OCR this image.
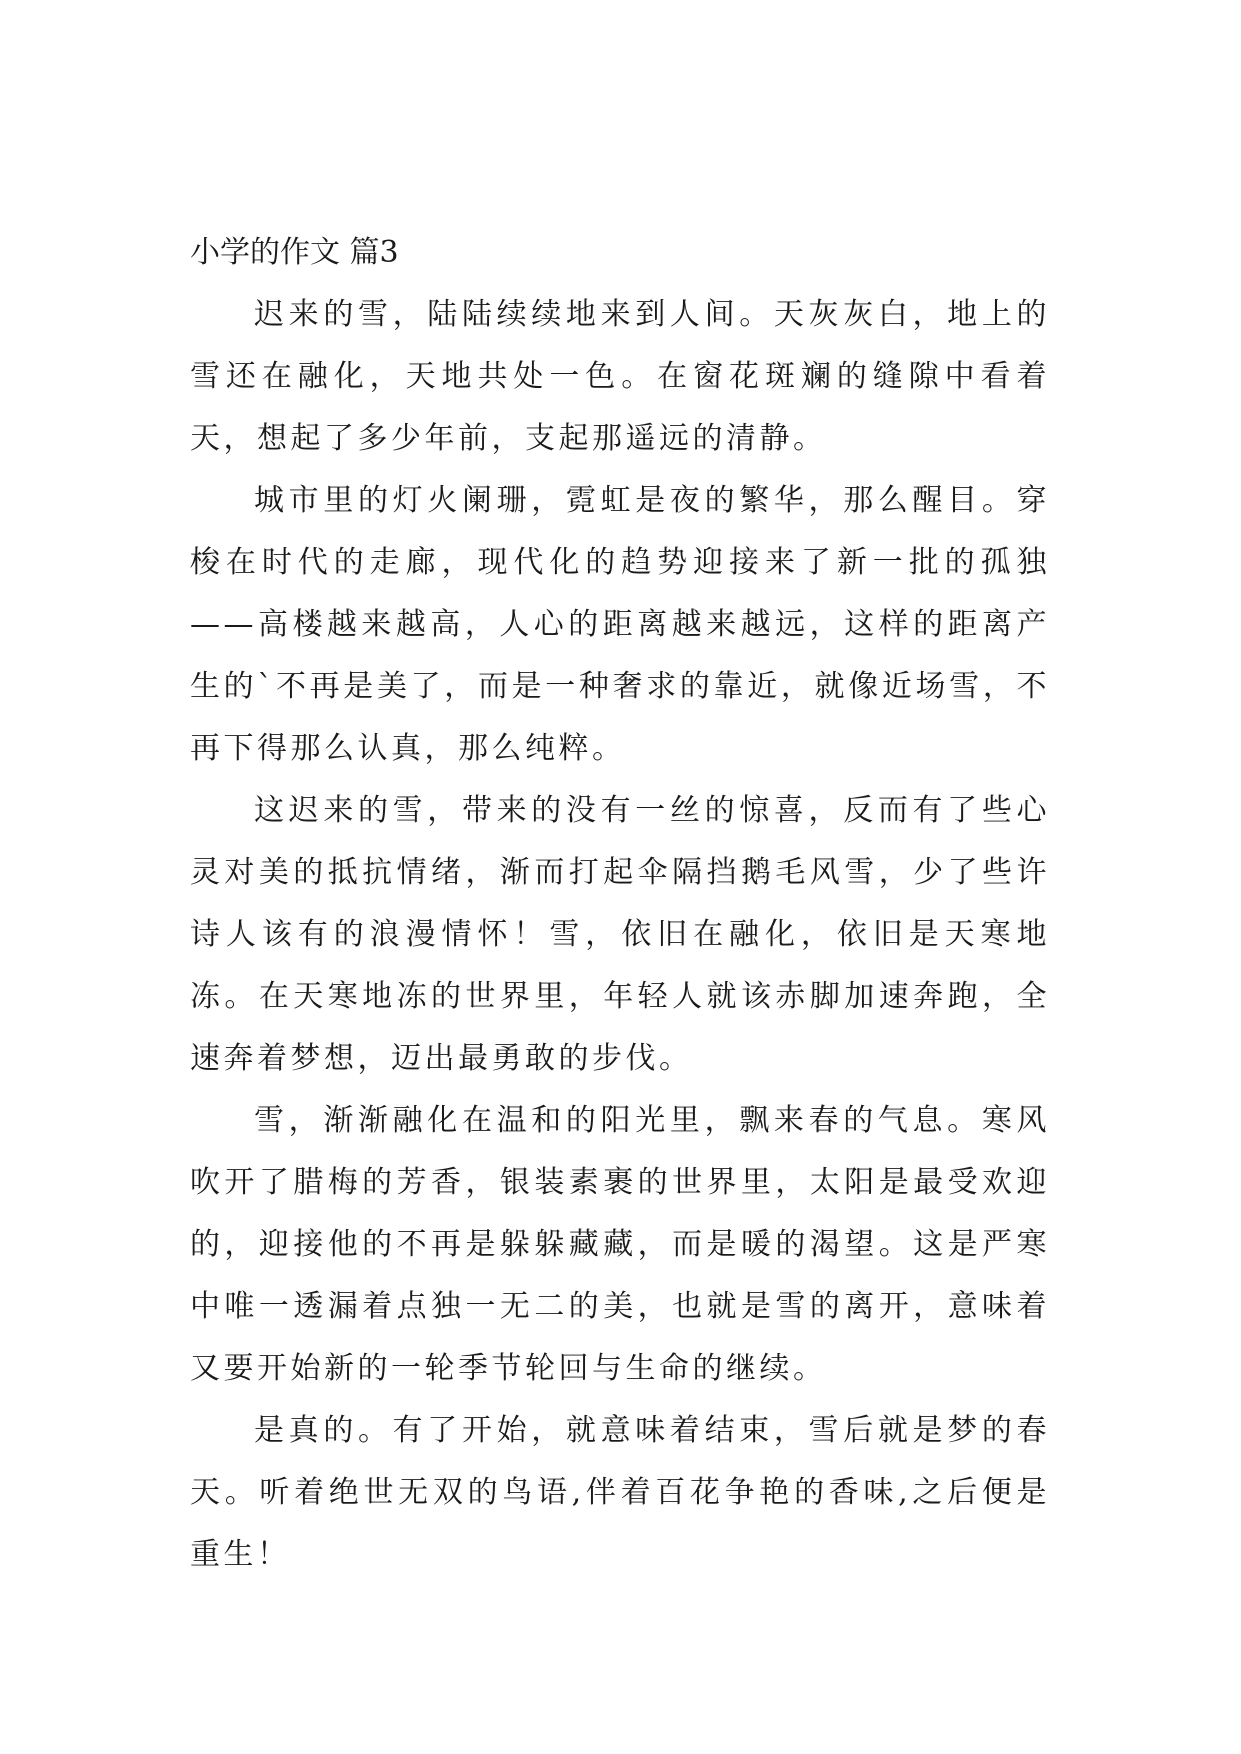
小学的作文 篇3

迟来的雪，陆陆续续地来到人间。天灰灰白，地上的雪还在融化，天地共处一色。在窗花斑斓的缝隙中看着天，想起了多少年前，支起那遥远的清静。

城市里的灯火阑珊，霓虹是夜的繁华，那么醒目。穿梭在时代的走廊，现代化的趋势迎接来了新一批的孤独——高楼越来越高，人心的距离越来越远，这样的距离产生的`不再是美了，而是一种奢求的靠近，就像近场雪，不再下得那么认真，那么纯粹。

这迟来的雪，带来的没有一丝的惊喜，反而有了些心灵对美的抵抗情绪，渐而打起伞隔挡鹅毛风雪，少了些许诗人该有的浪漫情怀！雪，依旧在融化，依旧是天寒地冻。在天寒地冻的世界里，年轻人就该赤脚加速奔跑，全速奔着梦想，迈出最勇敢的步伐。

雪，渐渐融化在温和的阳光里，飘来春的气息。寒风吹开了腊梅的芳香，银装素裹的世界里，太阳是最受欢迎的，迎接他的不再是躲躲藏藏，而是暖的渴望。这是严寒中唯一透漏着点独一无二的美，也就是雪的离开，意味着又要开始新的一轮季节轮回与生命的继续。

是真的。有了开始，就意味着结束，雪后就是梦的春天。听着绝世无双的鸟语,伴着百花争艳的香味,之后便是重生！
